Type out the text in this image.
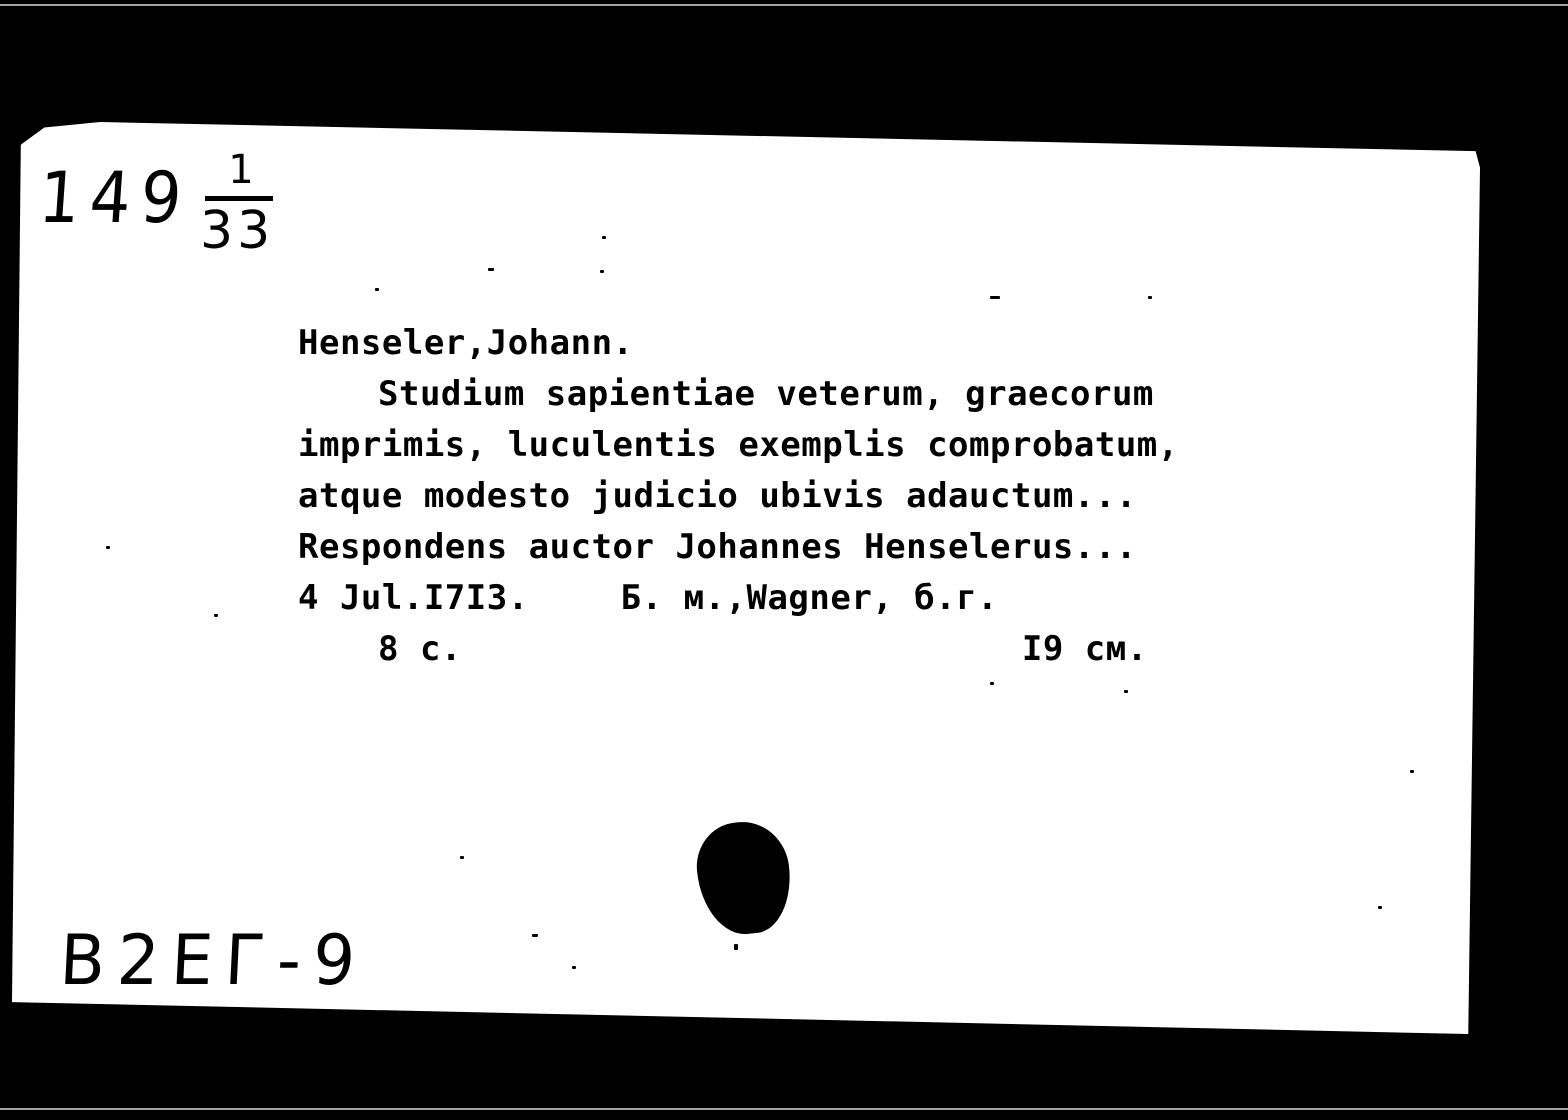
149 1
33
Henseler,Johann.
Studium sapientiae veterum, graecorum
imprimis, luculentis exemplis comprobatum,
atque modesto judicio ubivis adauctum...
Respondens auctor Johannes Henselerus...
4 Jul.I7I3.	Б. м.,Wagner, б.г.
8 с.	I9 см.
В2ЕГ-9
